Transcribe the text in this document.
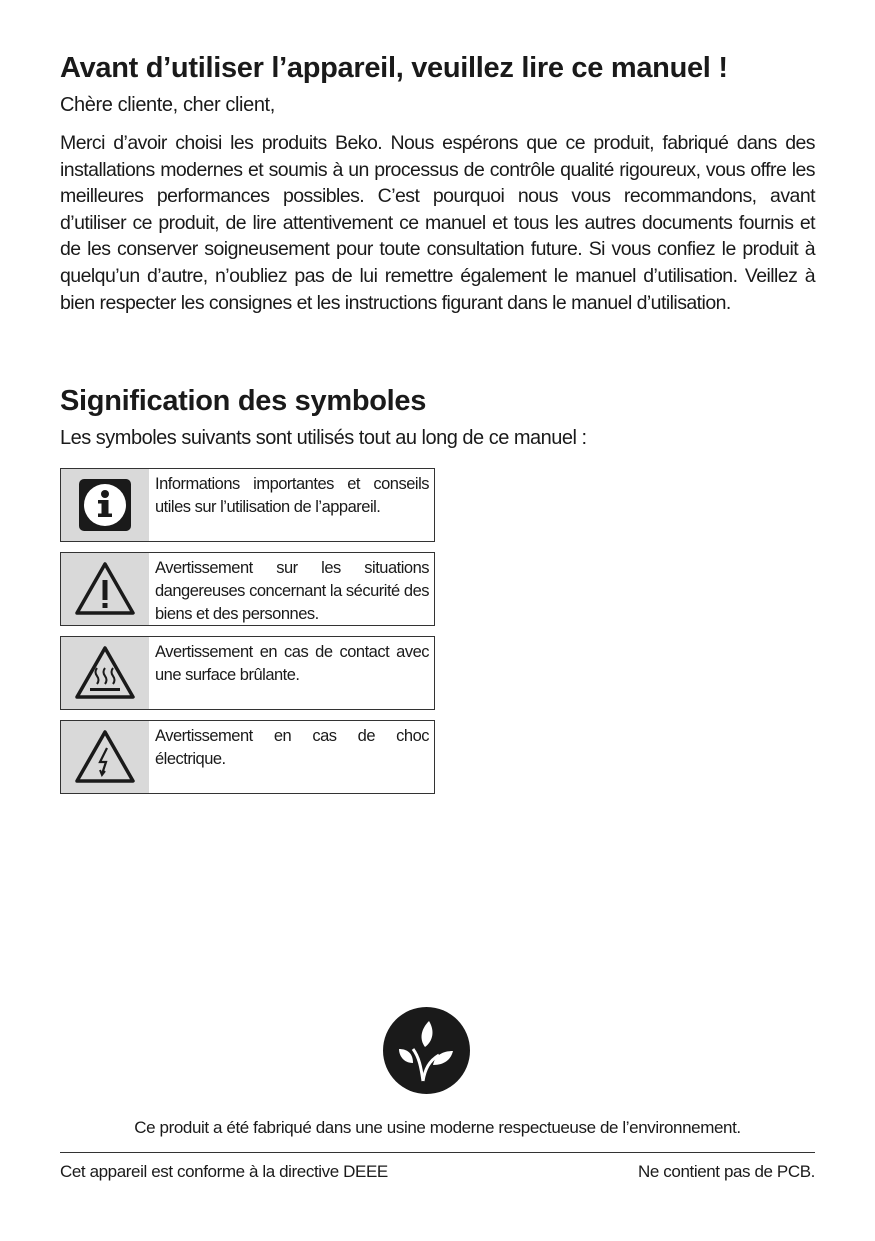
Avant d’utiliser l’appareil, veuillez lire ce manuel !

Chère cliente, cher client,

Merci d’avoir choisi les produits Beko. Nous espérons que ce produit, fabriqué dans des installations modernes et soumis à un processus de contrôle qualité rigoureux, vous offre les meilleures performances possibles. C’est pourquoi nous vous recommandons, avant d’utiliser ce produit, de lire attentivement ce manuel et tous les autres documents fournis et de les conserver soigneusement pour toute consultation future. Si vous confiez le produit à quelqu’un d’autre, n’oubliez pas de lui remettre également le manuel d’utilisation. Veillez à bien respecter les consignes et les instructions figurant dans le manuel d’utilisation.

Signification des symboles

Les symboles suivants sont utilisés tout au long de ce manuel :

Informations importantes et conseils utiles sur l’utilisation de l’appareil.
Avertissement sur les situations dangereuses concernant la sécurité des biens et des personnes.
Avertissement en cas de contact avec une surface brûlante.
Avertissement en cas de choc électrique.

Ce produit a été fabriqué dans une usine moderne respectueuse de l’environnement.

Cet appareil est conforme à la directive DEEE	Ne contient pas de PCB.
